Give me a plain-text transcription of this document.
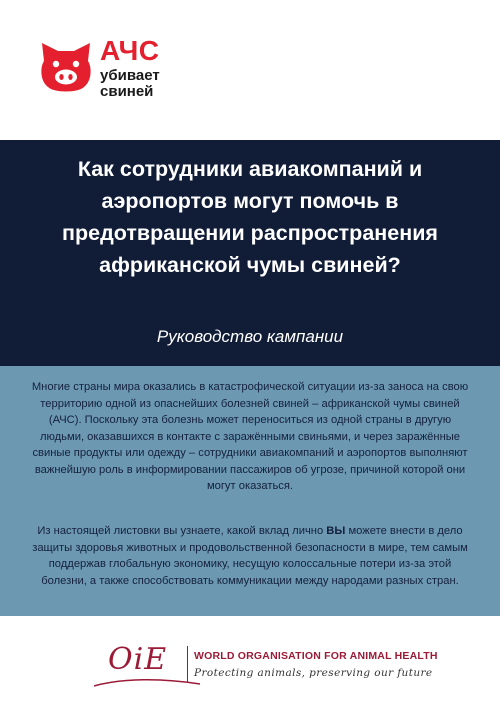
АЧС
убивает
свиней
Как сотрудники авиакомпаний и аэропортов могут помочь в предотвращении распространения африканской чумы свиней?
Руководство кампании

Многие страны мира оказались в катастрофической ситуации из-за заноса на свою территорию одной из опаснейших болезней свиней – африканской чумы свиней (АЧС). Поскольку эта болезнь может переноситься из одной страны в другую людьми, оказавшихся в контакте с заражёнными свиньями, и через заражённые свиные продукты или одежду – сотрудники авиакомпаний и аэропортов выполняют важнейшую роль в информировании пассажиров об угрозе, причиной которой они могут оказаться.

Из настоящей листовки вы узнаете, какой вклад лично ВЫ можете внести в дело защиты здоровья животных и продовольственной безопасности в мире, тем самым поддержав глобальную экономику, несущую колоссальные потери из-за этой болезни, а также способствовать коммуникации между народами разных стран.

OiE	WORLD ORGANISATION FOR ANIMAL HEALTH
Protecting animals, preserving our future
